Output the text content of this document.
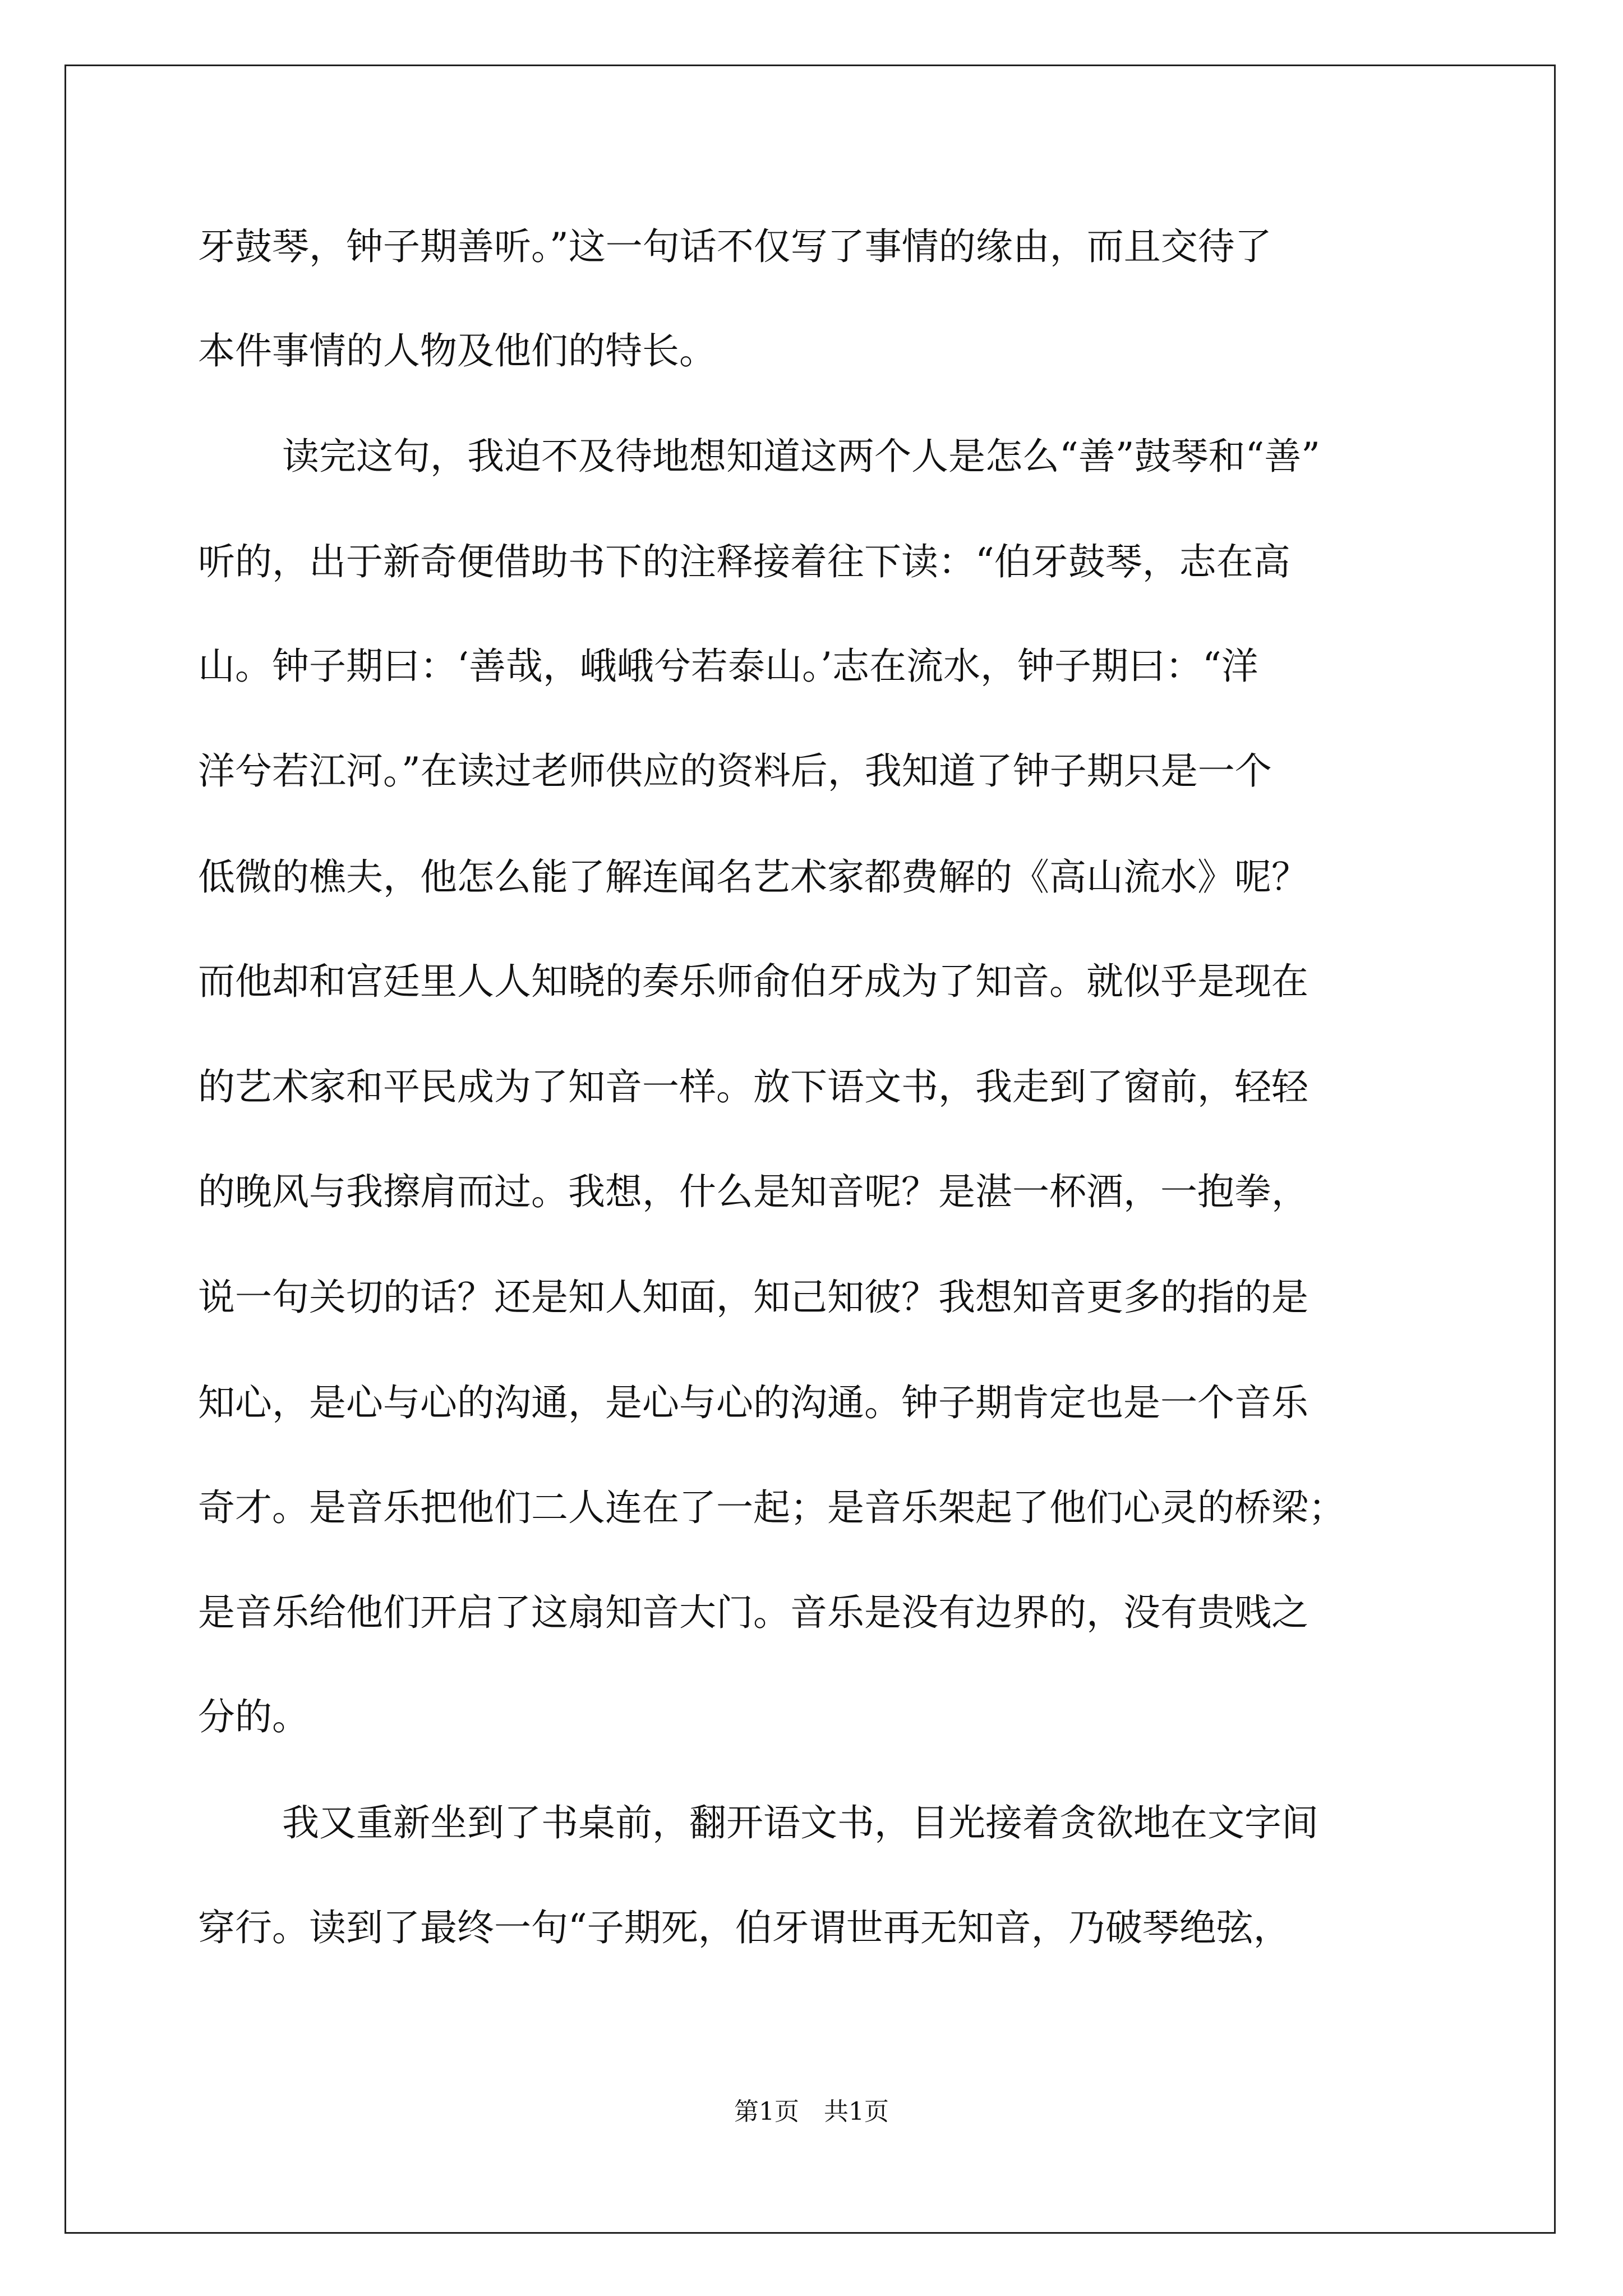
牙鼓琴，钟子期善听。”这一句话不仅写了事情的缘由，而且交待了
本件事情的人物及他们的特长。
读完这句，我迫不及待地想知道这两个人是怎么“善”鼓琴和“善”
听的，出于新奇便借助书下的注释接着往下读：“伯牙鼓琴，志在高
山。钟子期曰：‘善哉，峨峨兮若泰山。’志在流水，钟子期曰：“洋
洋兮若江河。”在读过老师供应的资料后，我知道了钟子期只是一个
低微的樵夫，他怎么能了解连闻名艺术家都费解的《高山流水》呢？
而他却和宫廷里人人知晓的奏乐师俞伯牙成为了知音。就似乎是现在
的艺术家和平民成为了知音一样。放下语文书，我走到了窗前，轻轻
的晚风与我擦肩而过。我想，什么是知音呢？是湛一杯酒，一抱拳，
说一句关切的话？还是知人知面，知己知彼？我想知音更多的指的是
知心，是心与心的沟通，是心与心的沟通。钟子期肯定也是一个音乐
奇才。是音乐把他们二人连在了一起；是音乐架起了他们心灵的桥梁；
是音乐给他们开启了这扇知音大门。音乐是没有边界的，没有贵贱之
分的。
我又重新坐到了书桌前，翻开语文书，目光接着贪欲地在文字间
穿行。读到了最终一句“子期死，伯牙谓世再无知音，乃破琴绝弦，
第1页 共1页
